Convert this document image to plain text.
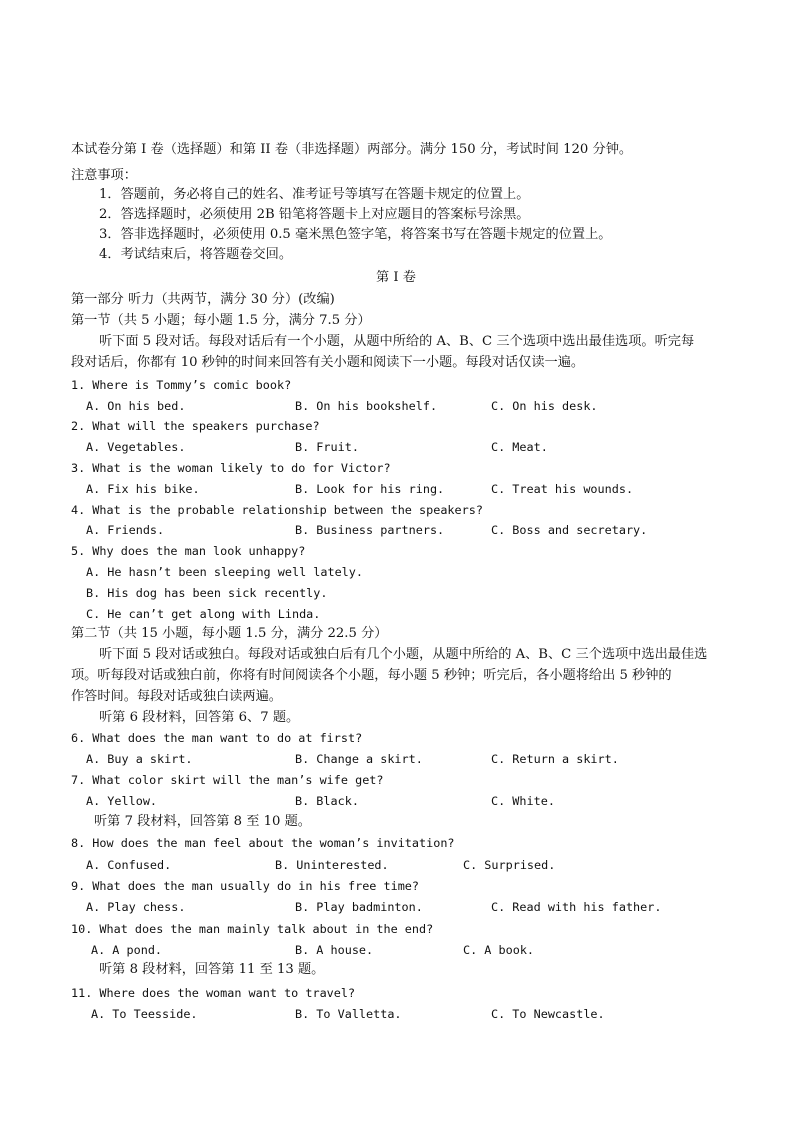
本试卷分第 I 卷（选择题）和第 II 卷（非选择题）两部分。满分 150 分，考试时间 120 分钟。
注意事项：
1．答题前，务必将自己的姓名、准考证号等填写在答题卡规定的位置上。
2．答选择题时，必须使用 2B 铅笔将答题卡上对应题目的答案标号涂黑。
3．答非选择题时，必须使用 0.5 毫米黑色签字笔，将答案书写在答题卡规定的位置上。
4．考试结束后，将答题卷交回。
第 I 卷
第一部分 听力（共两节，满分 30 分）(改编)
第一节（共 5 小题；每小题 1.5 分，满分 7.5 分）
听下面 5 段对话。每段对话后有一个小题，从题中所给的 A、B、C 三个选项中选出最佳选项。听完每
段对话后，你都有 10 秒钟的时间来回答有关小题和阅读下一小题。每段对话仅读一遍。
1. Where is Tommy’s comic book?
A. On his bed.	B. On his bookshelf.	C. On his desk.
2. What will the speakers purchase?
A. Vegetables.	B. Fruit.	C. Meat.
3. What is the woman likely to do for Victor?
A. Fix his bike.	B. Look for his ring.	C. Treat his wounds.
4. What is the probable relationship between the speakers?
A. Friends.	B. Business partners.	C. Boss and secretary.
5. Why does the man look unhappy?
A. He hasn’t been sleeping well lately.
B. His dog has been sick recently.
C. He can’t get along with Linda.
第二节（共 15 小题，每小题 1.5 分，满分 22.5 分）
听下面 5 段对话或独白。每段对话或独白后有几个小题，从题中所给的 A、B、C 三个选项中选出最佳选
项。听每段对话或独白前，你将有时间阅读各个小题，每小题 5 秒钟；听完后，各小题将给出 5 秒钟的
作答时间。每段对话或独白读两遍。
听第 6 段材料，回答第 6、7 题。
6. What does the man want to do at first?
A. Buy a skirt.	B. Change a skirt.	C. Return a skirt.
7. What color skirt will the man’s wife get?
A. Yellow.	B. Black.	C. White.
听第 7 段材料，回答第 8 至 10 题。
8. How does the man feel about the woman’s invitation?
A. Confused.	B. Uninterested.	C. Surprised.
9. What does the man usually do in his free time?
A. Play chess.	B. Play badminton.	C. Read with his father.
10. What does the man mainly talk about in the end?
A. A pond.	B. A house.	C. A book.
听第 8 段材料，回答第 11 至 13 题。
11. Where does the woman want to travel?
A. To Teesside.	B. To Valletta.	C. To Newcastle.
